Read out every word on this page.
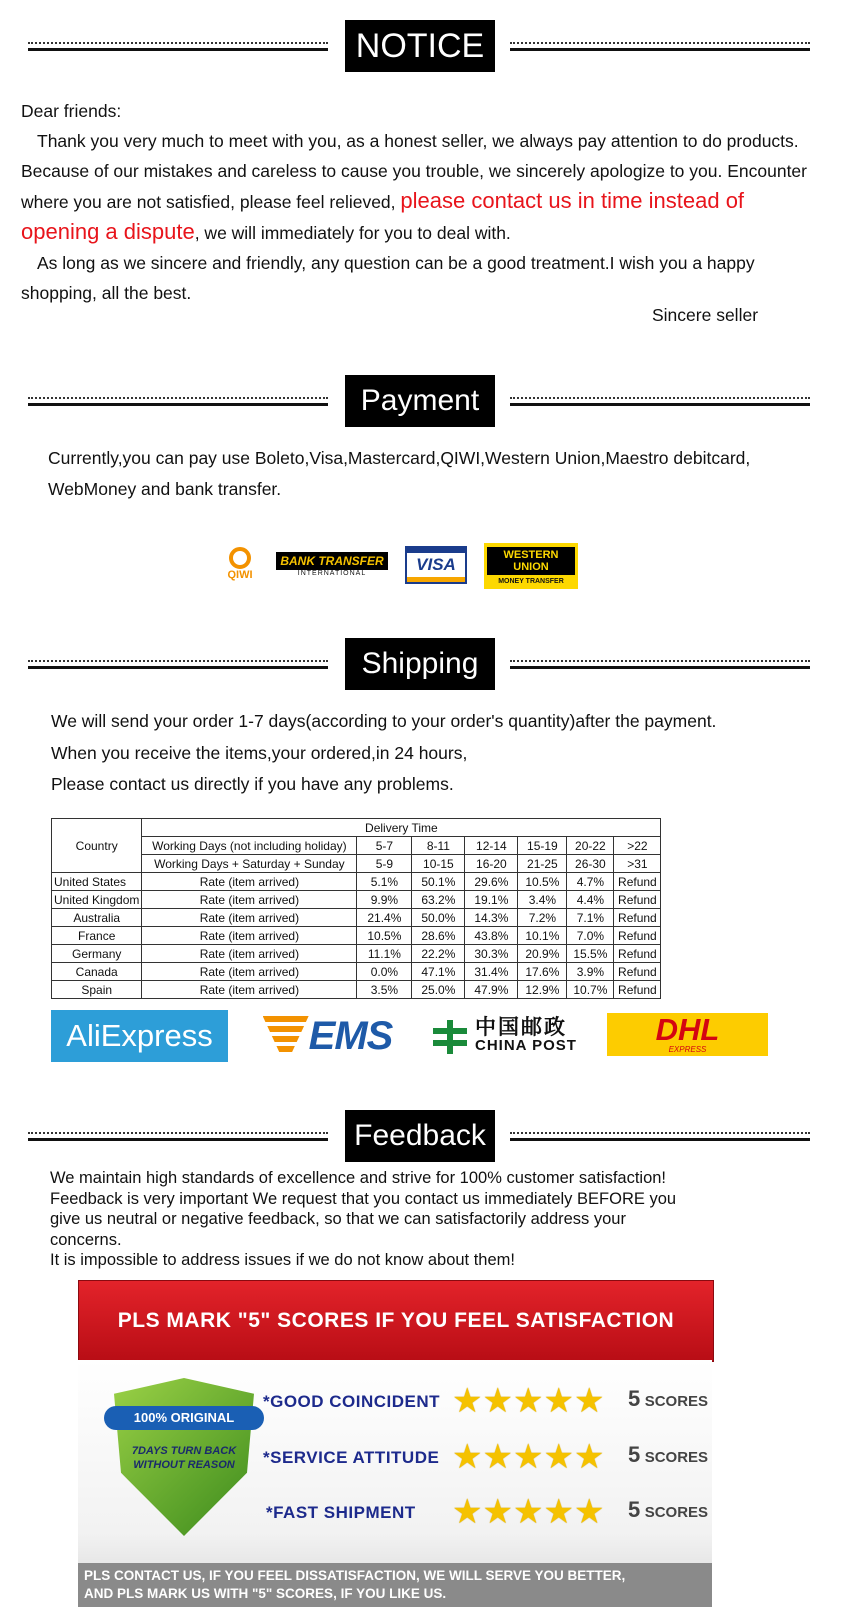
NOTICE
Dear friends:
Thank you very much to meet with you, as a honest seller, we always pay attention to do products. Because of our mistakes and careless to cause you trouble, we sincerely apologize to you. Encounter where you are not satisfied, please feel relieved, please contact us in time instead of opening a dispute, we will immediately for you to deal with.
As long as we sincere and friendly, any question can be a good treatment.I wish you a happy shopping, all the best.
Sincere seller
Payment
Currently,you can pay use Boleto,Visa,Mastercard,QIWI,Western Union,Maestro debitcard, WebMoney and bank transfer.
QIWI
BANK TRANSFER
INTERNATIONAL	VISA	WESTERN UNION
MONEY TRANSFER
Shipping
We will send your order 1-7 days(according to your order's quantity)after the payment.
When you receive the items,your ordered,in 24 hours,
Please contact us directly if you have any problems.
Country	Delivery Time						
	Working Days (not including holiday)	5-7	8-11	12-14	15-19	20-22	>22
	Working Days + Saturday + Sunday	5-9	10-15	16-20	21-25	26-30	>31
United States	Rate (item arrived)	5.1%	50.1%	29.6%	10.5%	4.7%	Refund
United Kingdom	Rate (item arrived)	9.9%	63.2%	19.1%	3.4%	4.4%	Refund
Australia	Rate (item arrived)	21.4%	50.0%	14.3%	7.2%	7.1%	Refund
France	Rate (item arrived)	10.5%	28.6%	43.8%	10.1%	7.0%	Refund
Germany	Rate (item arrived)	11.1%	22.2%	30.3%	20.9%	15.5%	Refund
Canada	Rate (item arrived)	0.0%	47.1%	31.4%	17.6%	3.9%	Refund
Spain	Rate (item arrived)	3.5%	25.0%	47.9%	12.9%	10.7%	Refund
AliExpress	EMS	中国邮政
CHINA POST	DHL
EXPRESS
Feedback
We maintain high standards of excellence and strive for 100% customer satisfaction!
Feedback is very important We request that you contact us immediately BEFORE you
give us neutral or negative feedback, so that we can satisfactorily address your
concerns.
It is impossible to address issues if we do not know about them!
PLS MARK "5" SCORES IF YOU FEEL SATISFACTION
100% ORIGINAL
7DAYS TURN BACK
WITHOUT REASON
*GOOD COINCIDENT ★★★★★ 5 SCORES
*SERVICE ATTITUDE ★★★★★ 5 SCORES
*FAST SHIPMENT ★★★★★ 5 SCORES
PLS CONTACT US, IF YOU FEEL DISSATISFACTION, WE WILL SERVE YOU BETTER,
AND PLS MARK US WITH "5" SCORES, IF YOU LIKE US.
